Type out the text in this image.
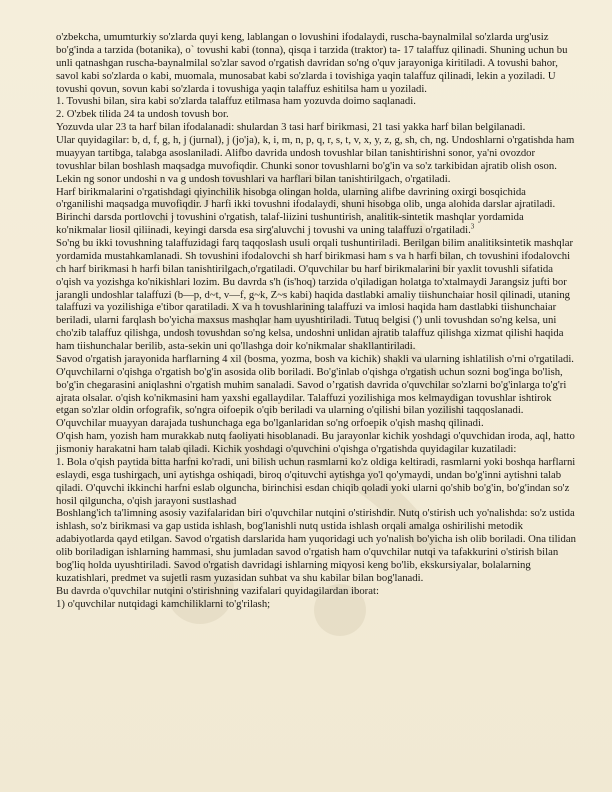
o'zbekcha, umumturkiy so'zlarda quyi keng, lablangan o lovushini ifodalaydi, ruscha-baynalmilal so'zlarda urg'usiz bo'g'inda a tarzida (botanika), o` tovushi kabi (tonna), qisqa i tarzida (traktor) ta- 17 talaffuz qilinadi. Shuning uchun bu unli qatnashgan ruscha-baynalmilal so'zlar savod o'rgatish davridan so'ng o'quv jarayoniga kiritiladi. A tovushi bahor, savol kabi so'zlarda o kabi, muomala, munosabat kabi so'zlarda i tovishiga yaqin talaffuz qilinadi, lekin a yoziladi. U tovushi qovun, sovun kabi so'zlarda i tovushiga yaqin talaffuz eshitilsa ham u yoziladi.

1. Tovushi bilan, sira kabi so'zlarda talaffuz etilmasa ham yozuvda doimo saqlanadi.

2. O'zbek tilida 24 ta undosh tovush bor.

Yozuvda ular 23 ta harf bilan ifodalanadi: shulardan 3 tasi harf birikmasi, 21 tasi yakka harf bilan belgilanadi.

Ular quyidagilar: b, d, f, g, h, j (jurnal), j (jo'ja), k, i, m, n, p, q, r, s, t, v, x, y, z, g, sh, ch, ng. Undoshlarni o'rgatishda ham muayyan tartibga, talabga asoslaniladi. Alifbo davrida undosh tovushlar bilan tanishtirishni sonor, ya'ni ovozdor tovushlar bilan boshlash maqsadga muvofiqdir. Chunki sonor tovushlarni bo'g'in va so'z tarkibidan ajratib olish oson. Lekin ng sonor undoshi n va g undosh tovushlari va harflari bilan tanishtirilgach, o'rgatiladi.

Harf birikmalarini o'rgatishdagi qiyinchilik hisobga olingan holda, ularning alifbe davrining oxirgi bosqichida o'rganilishi maqsadga muvofiqdir. J harfi ikki tovushni ifodalaydi, shuni hisobga olib, unga alohida darslar ajratiladi. Birinchi darsda portlovchi j tovushini o'rgatish, talaf-liizini tushuntirish, analitik-sintetik mashqlar yordamida ko'nikmalar liosil qiliinadi, keyingi darsda esa sirg'aluvchi j tovushi va uning talaffuzi o'rgatiladi.$^3$

So'ng bu ikki tovushning talaffuzidagi farq taqqoslash usuli orqali tushuntiriladi. Berilgan bilim analitiksintetik mashqlar yordamida mustahkamlanadi. Sh tovushini ifodalovchi sh harf birikmasi ham s va h harfi bilan, ch tovushini ifodalovchi ch harf birikmasi h harfi bilan tanishtirilgach,o'rgatiladi. O'quvchilar bu harf birikmalarini bir yaxlit tovushli sifatida o'qish va yozishga ko'nikishlari lozim. Bu davrda s'h (is'hoq) tarzida o'qiladigan holatga to'xtalmaydi Jarangsiz jufti bor jarangli undoshlar talaffuzi (b—p, d~t, v—f, g~k, Z~s kabi) haqida dastlabki amaliy tiishunchaiar hosil qilinadi, utaning talaffuzi va yozilishiga e'tibor qaratiladi. X va h tovushlarining talaffuzi va imlosi haqida ham dastlabki tiishunchaiar beriladi, ularni farqlash bo'yicha maxsus mashqlar ham uyushtiriladi. Tutuq belgisi (') unli tovushdan so'ng kelsa, uni cho'zib talaffuz qilishga, undosh tovushdan so'ng kelsa, undoshni unlidan ajratib talaffuz qilishga xizmat qilishi haqida ham tiishunchalar berilib, asta-sekin uni qo'llashga doir ko'nikmalar shakllantiriladi.

Savod o'rgatish jarayonida harflarning 4 xil (bosma, yozma, bosh va kichik) shakli va ularning ishlatilish o'rni o'rgatiladi. O'quvchilarni o'qishga o'rgatish bo'g'in asosida olib boriladi. Bo'g'inlab o'qishga o'rgatish uchun sozni bog'inga bo'lish, bo'g'in chegarasini aniqlashni o'rgatish muhim sanaladi. Savod o’rgatish davrida o'quvchilar so'zlarni bo'g'inlarga to'g'ri ajrata olsalar. o'qish ko'nikmasini ham yaxshi egallaydilar. Talaffuzi yozilishiga mos kelmaydigan tovushlar ishtirok etgan so'zlar oldin orfografik, so'ngra oifoepik o'qib beriladi va ularning o'qilishi bilan yozilishi taqqoslanadi.

O'quvchilar muayyan darajada tushunchaga ega bo'lganlaridan so'ng orfoepik o'qish mashq qilinadi.

O'qish ham, yozish ham murakkab nutq faoliyati hisoblanadi. Bu jarayonlar kichik yoshdagi o'quvchidan iroda, aql, hatto jismoniy harakatni ham talab qiladi. Kichik yoshdagi o'quvchini o'qishga o'rgatishda quyidagilar kuzatiladi:

1. Bola o'qish paytida bitta harfni ko'radi, uni bilish uchun rasmlarni ko'z oldiga keltiradi, rasmlarni yoki boshqa harflarni eslaydi, esga tushirgach, uni aytishga oshiqadi, biroq o'qituvchi aytishga yo'l qo'ymaydi, undan bo'g'inni aytishni talab qiladi. O'quvchi ikkinchi harfni eslab olguncha, birinchisi esdan chiqib qoladi yoki ularni qo'shib bo'g'in, bo'g'indan so'z hosil qilguncha, o'qish jarayoni sustlashad

Boshlang'ich ta'limning asosiy vazifalaridan biri o'quvchilar nutqini o'stirishdir. Nutq o'stirish uch yo'nalishda: so'z ustida ishlash, so'z birikmasi va gap ustida ishlash, bog'lanishli nutq ustida ishlash orqali amalga oshirilishi metodik adabiyotlarda qayd etilgan. Savod o'rgatish darslarida ham yuqoridagi uch yo'nalish bo'yicha ish olib boriladi. Ona tilidan olib boriladigan ishlarning hammasi, shu jumladan savod o'rgatish ham o'quvchilar nutqi va tafakkurini o'stirish bilan bog'liq holda uyushtiriladi. Savod o'rgatish davridagi ishlarning miqyosi keng bo'lib, ekskursiyalar, bolalarning kuzatishlari, predmet va sujetli rasm yuzasidan suhbat va shu kabilar bilan bog'lanadi.

Bu davrda o'quvchilar nutqini o'stirishning vazifalari quyidagilardan iborat:

1) o'quvchilar nutqidagi kamchiliklarni to'g'rilash;
